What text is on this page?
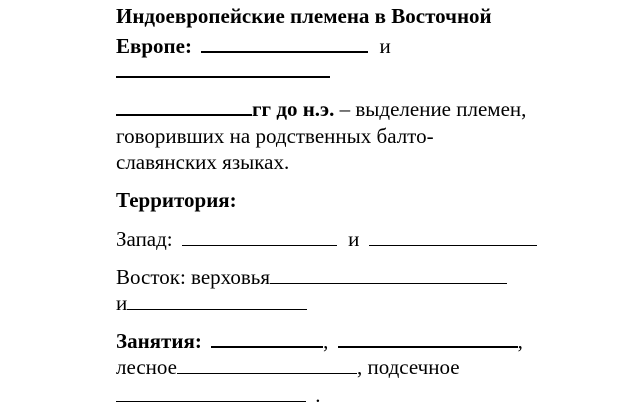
Индоевропейские племена в Восточной
Европе:	и
гг до н.э. – выделение племен,
говоривших на родственных балто-
славянских языках.
Территория:
Запад:	и
Восток: верховья
и
Занятия:	,	,
лесное	, подсечное
.
